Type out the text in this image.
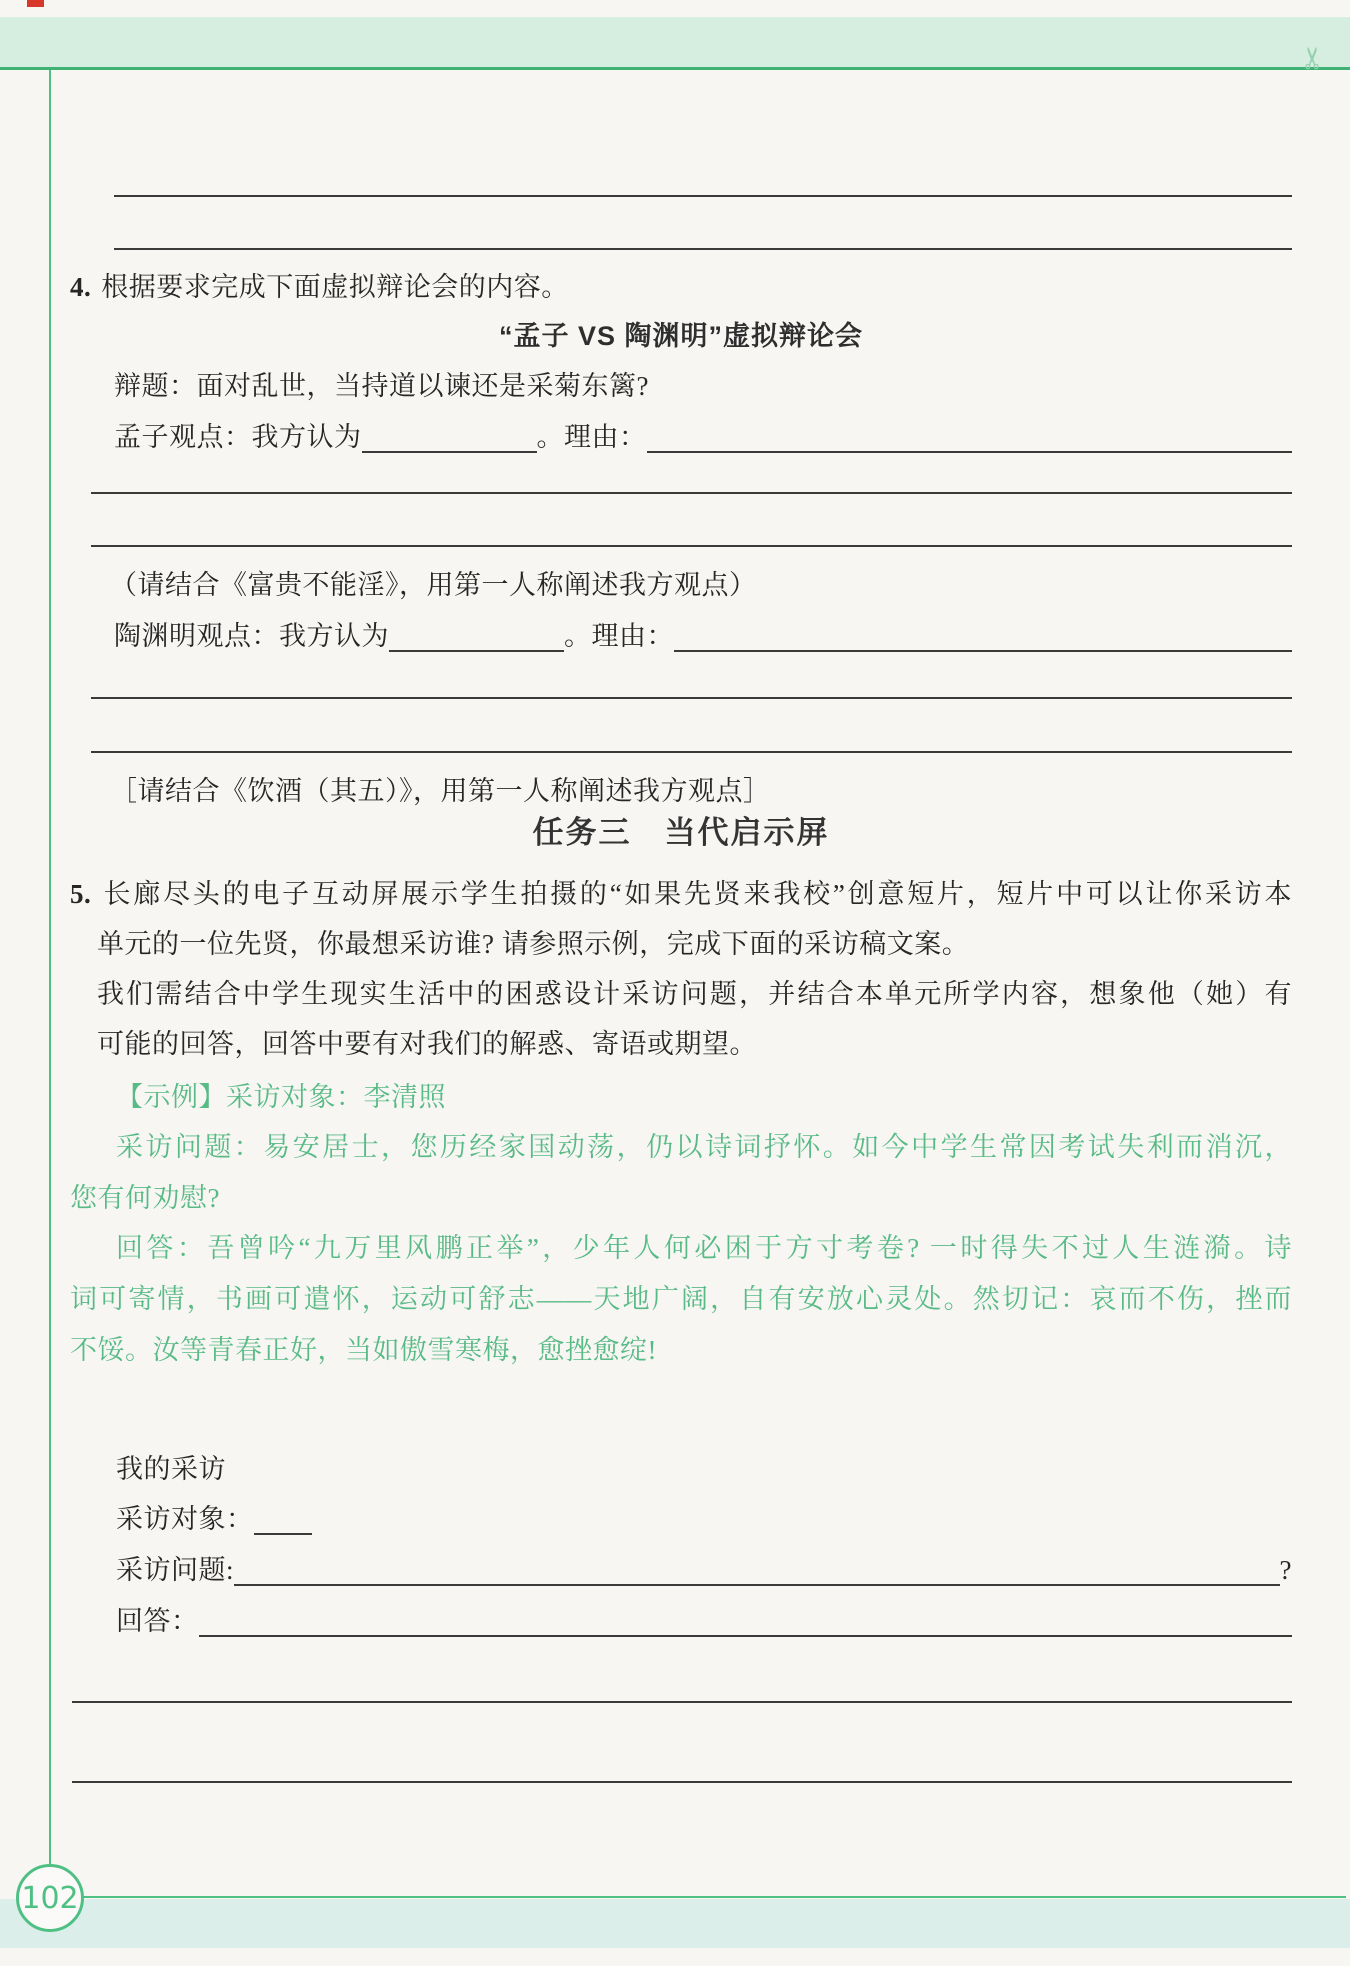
✂
102
4. 根据要求完成下面虚拟辩论会的内容。
“孟子 VS 陶渊明”虚拟辩论会
辩题：面对乱世，当持道以谏还是采菊东篱?
孟子观点：我方认为	。理由：
（请结合《富贵不能淫》，用第一人称阐述我方观点）
陶渊明观点：我方认为	。理由：
［请结合《饮酒（其五）》，用第一人称阐述我方观点］
任务三　当代启示屏
5. 长廊尽头的电子互动屏展示学生拍摄的“如果先贤来我校”创意短片，短片中可以让你采访本
单元的一位先贤，你最想采访谁? 请参照示例，完成下面的采访稿文案。
我们需结合中学生现实生活中的困惑设计采访问题，并结合本单元所学内容，想象他（她）有
可能的回答，回答中要有对我们的解惑、寄语或期望。
【示例】采访对象：李清照
采访问题：易安居士，您历经家国动荡，仍以诗词抒怀。如今中学生常因考试失利而消沉，
您有何劝慰?
回答：吾曾吟“九万里风鹏正举”，少年人何必困于方寸考卷? 一时得失不过人生涟漪。诗
词可寄情，书画可遣怀，运动可舒志——天地广阔，自有安放心灵处。然切记：哀而不伤，挫而
不馁。汝等青春正好，当如傲雪寒梅，愈挫愈绽!
我的采访
采访对象：
采访问题:	?
回答：
